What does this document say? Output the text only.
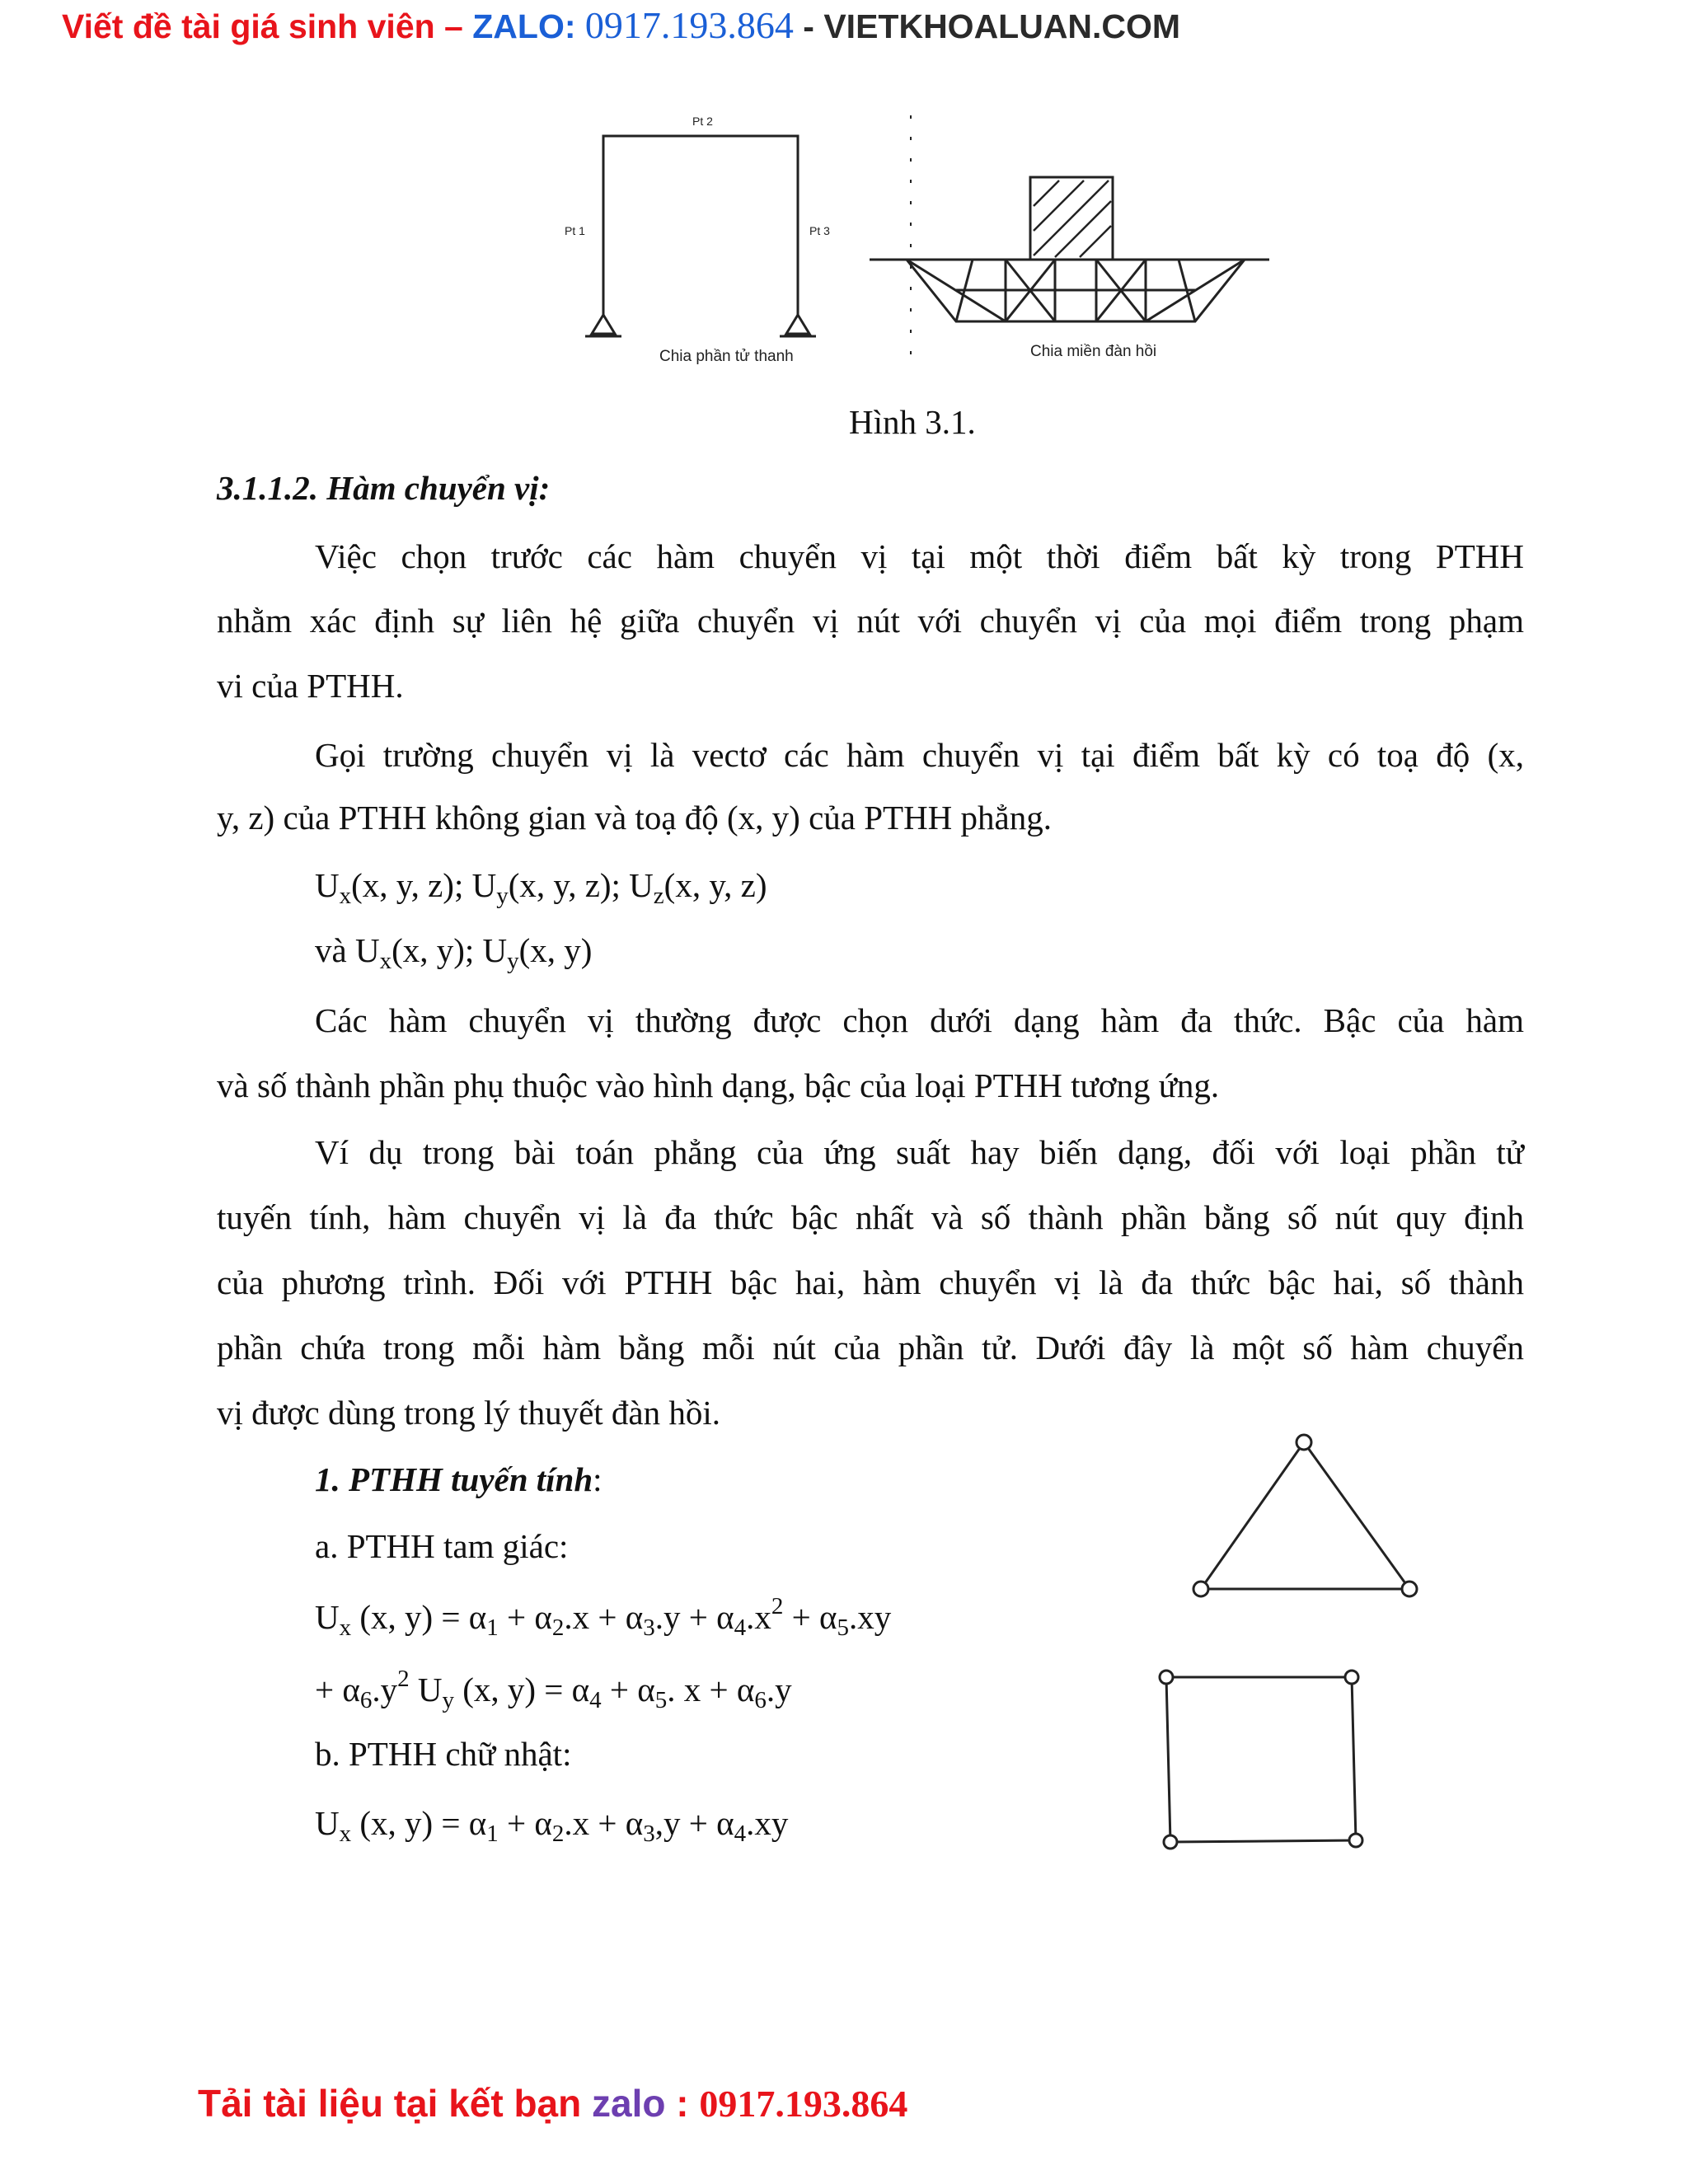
Viết đề tài giá sinh viên – ZALO: 0917.193.864 - VIETKHOALUAN.COM
Pt 2
Pt 1	Pt 3
Chia phần tử thanh	Chia miền đàn hồi
Hình 3.1.
3.1.1.2. Hàm chuyển vị:
Việc chọn trước các hàm chuyển vị tại một thời điểm bất kỳ trong PTHH
nhằm xác định sự liên hệ giữa chuyển vị nút với chuyển vị của mọi điểm trong phạm
vi của PTHH.
Gọi trường chuyển vị là vectơ các hàm chuyển vị tại điểm bất kỳ có toạ độ (x,
y, z) của PTHH không gian và toạ độ (x, y) của PTHH phẳng.
$U_x(x$, y, z); $U_y(x$, y, z); $U_z(x$, y, z)
và $U_x(x$, y); $U_y(x$, y)
Các hàm chuyển vị thường được chọn dưới dạng hàm đa thức. Bậc của hàm
và số thành phần phụ thuộc vào hình dạng, bậc của loại PTHH tương ứng.
Ví dụ trong bài toán phẳng của ứng suất hay biến dạng, đối với loại phần tử
tuyến tính, hàm chuyển vị là đa thức bậc nhất và số thành phần bằng số nút quy định
của phương trình. Đối với PTHH bậc hai, hàm chuyển vị là đa thức bậc hai, số thành
phần chứa trong mỗi hàm bằng mỗi nút của phần tử. Dưới đây là một số hàm chuyển
vị được dùng trong lý thuyết đàn hồi.
1. PTHH tuyến tính:
a. PTHH tam giác:
$U_x$ (x, $y) = \alpha_1 + \alpha_2.x + \alpha_3.y + \alpha_4.x^2 + \alpha_5.xy$
+ $\alpha_6.y^2$ $U_y$ (x, $y) = \alpha_4 + \alpha_5$. $x + \alpha_6.y$
b. PTHH chữ nhật:
$U_x$ (x, $y) = \alpha_1 + \alpha_2.x + \alpha_3,y + \alpha_4.xy$
Tải tài liệu tại kết bạn zalo : 0917.193.864
